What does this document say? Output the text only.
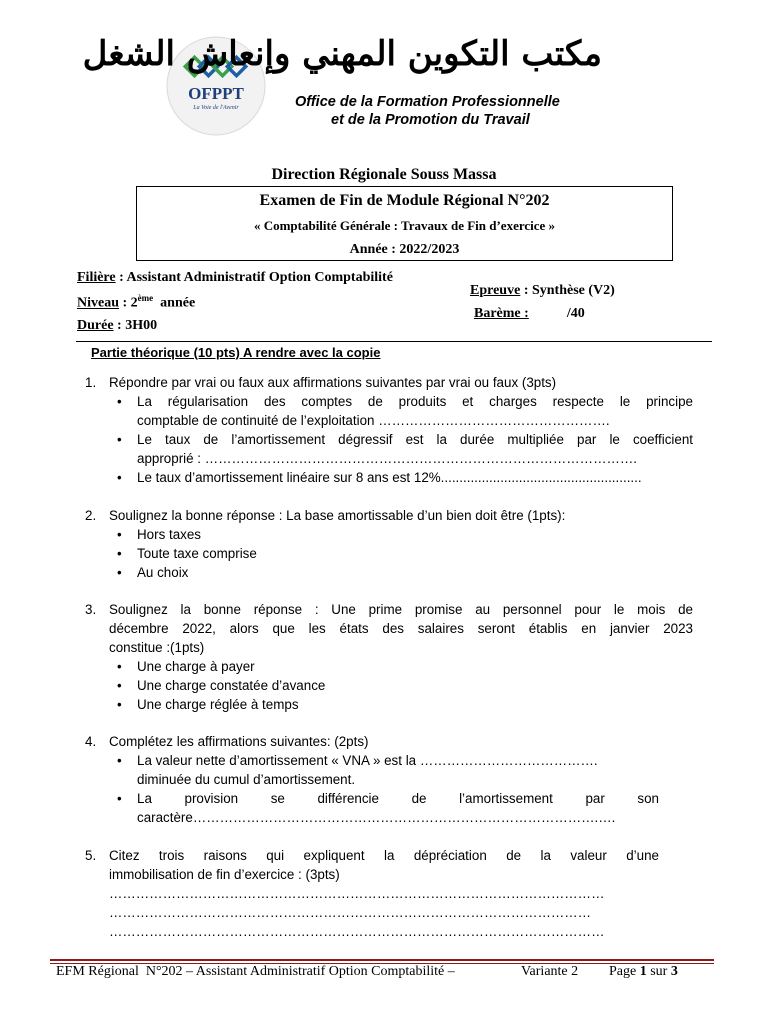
OFPPT
La Voie de l'Avenir
مكتب التكوين المهني وإنعاش الشغل
Office de la Formation Professionnelle
et de la Promotion du Travail
Direction Régionale Souss Massa
Examen de Fin de Module Régional N°202
« Comptabilité Générale : Travaux de Fin d’exercice »
Année : 2022/2023
Filière : Assistant Administratif Option Comptabilité
Niveau : 2ème  année
Durée : 3H00
Epreuve : Synthèse (V2)
Barème :	/40
Partie théorique (10 pts) A rendre avec la copie
1. Répondre par vrai ou faux aux affirmations suivantes par vrai ou faux (3pts)
• La régularisation des comptes de produits et charges respecte le principe
comptable de continuité de l’exploitation …………………………………………….
• Le taux de l’amortissement dégressif est la durée multipliée par le coefficient
approprié : …………………………………………………………………………………….
• Le taux d’amortissement linéaire sur 8 ans est 12%......................................................
2. Soulignez la bonne réponse : La base amortissable d’un bien doit être (1pts):
• Hors taxes
• Toute taxe comprise
• Au choix
3. Soulignez la bonne réponse : Une prime promise au personnel pour le mois de
décembre 2022, alors que les états des salaires seront établis en janvier 2023
constitue :(1pts)
• Une charge à payer
• Une charge constatée d’avance
• Une charge réglée à temps
4. Complétez les affirmations suivantes: (2pts)
• La valeur nette d’amortissement « VNA » est la ………………………………….
diminuée du cumul d’amortissement.
• La provision se différencie de l’amortissement par son
caractère……………………………………………………………………………….….
5. Citez trois raisons qui expliquent la dépréciation de la valeur d’une
immobilisation de fin d’exercice : (3pts)
…………………………………………………………………………………………………
………………………………………………………………………………………………
…………………………………………………………………………………………………
EFM Régional  N°202 – Assistant Administratif Option Comptabilité –	Variante 2 Page 1 sur 3
